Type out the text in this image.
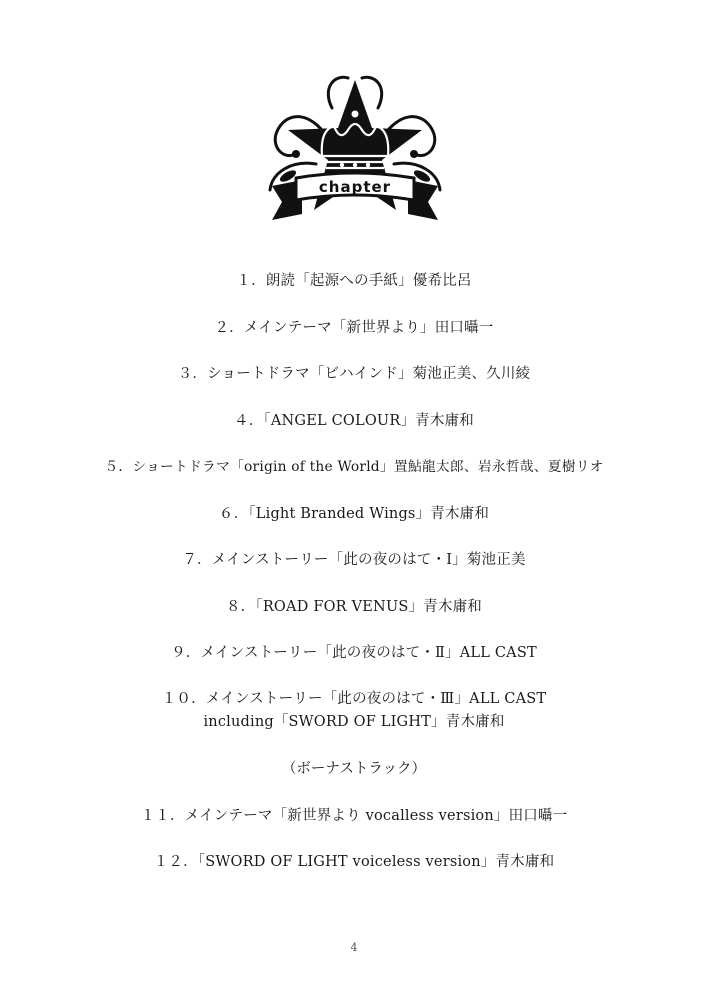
chapter
１．朗読「起源への手紙」優希比呂
２．メインテーマ「新世界より」田口囁一
３．ショートドラマ「ビハインド」菊池正美、久川綾
４．「ANGEL COLOUR」青木庸和
５．ショートドラマ「origin of the World」置鮎龍太郎、岩永哲哉、夏樹リオ
６．「Light Branded Wings」青木庸和
７．メインストーリー「此の夜のはて・Ⅰ」菊池正美
８．「ROAD FOR VENUS」青木庸和
９．メインストーリー「此の夜のはて・Ⅱ」ALL CAST
１０．メインストーリー「此の夜のはて・Ⅲ」ALL CAST
including「SWORD OF LIGHT」青木庸和
（ボーナストラック）
１１．メインテーマ「新世界より vocalless version」田口囁一
１２．「SWORD OF LIGHT voiceless version」青木庸和
4
